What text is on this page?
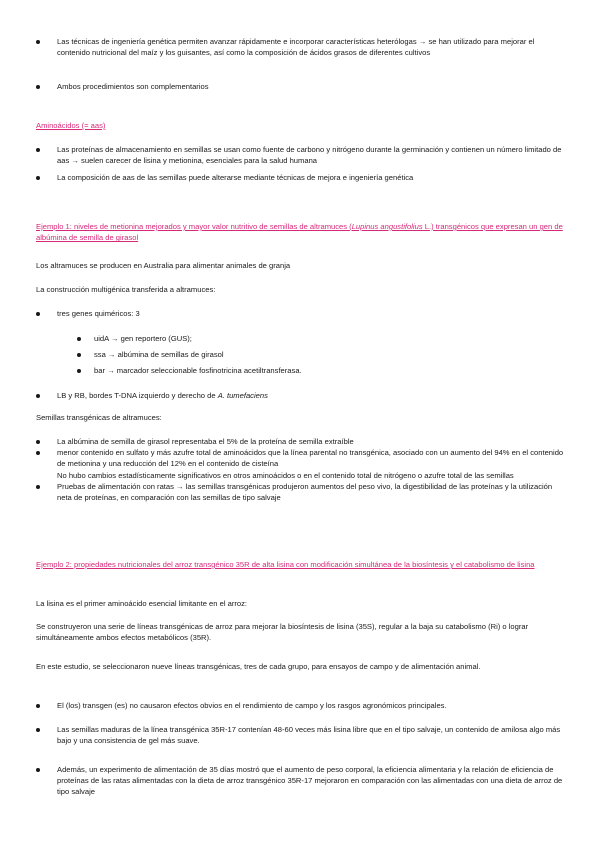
Las técnicas de ingeniería genética permiten avanzar rápidamente e incorporar características heterólogas → se han utilizado para mejorar el contenido nutricional del maíz y los guisantes, así como la composición de ácidos grasos de diferentes cultivos
Ambos procedimientos son complementarios
Aminoácidos (= aas)
Las proteínas de almacenamiento en semillas se usan como fuente de carbono y nitrógeno durante la germinación y contienen un número limitado de aas → suelen carecer de lisina y metionina, esenciales para la salud humana
La composición de aas de las semillas puede alterarse mediante técnicas de mejora e ingeniería genética
Ejemplo 1: niveles de metionina mejorados y mayor valor nutritivo de semillas de altramuces (Lupinus angustifolius L.) transgénicos que expresan un gen de albúmina de semilla de girasol
Los altramuces se producen en Australia para alimentar animales de granja
La construcción multigénica transferida a altramuces:
tres genes quiméricos: 3
uidA → gen reportero (GUS);
ssa → albúmina de semillas de girasol
bar → marcador seleccionable fosfinotricina acetiltransferasa.
LB y RB, bordes T-DNA izquierdo y derecho de A. tumefaciens
Semillas transgénicas de altramuces:
La albúmina de semilla de girasol representaba el 5% de la proteína de semilla extraíble
menor contenido en sulfato y más azufre total de aminoácidos que la línea parental no transgénica, asociado con un aumento del 94% en el contenido de metionina y una reducción del 12% en el contenido de cisteína
No hubo cambios estadísticamente significativos en otros aminoácidos o en el contenido total de nitrógeno o azufre total de las semillas
Pruebas de alimentación con ratas → las semillas transgénicas produjeron aumentos del peso vivo, la digestibilidad de las proteínas y la utilización neta de proteínas, en comparación con las semillas de tipo salvaje
Ejemplo 2: propiedades nutricionales del arroz transgénico 35R de alta lisina con modificación simultánea de la biosíntesis y el catabolismo de lisina
La lisina es el primer aminoácido esencial limitante en el arroz:
Se construyeron una serie de líneas transgénicas de arroz para mejorar la biosíntesis de lisina (35S), regular a la baja su catabolismo (Ri) o lograr simultáneamente ambos efectos metabólicos (35R).
En este estudio, se seleccionaron nueve líneas transgénicas, tres de cada grupo, para ensayos de campo y de alimentación animal.
El (los) transgen (es) no causaron efectos obvios en el rendimiento de campo y los rasgos agronómicos principales.
Las semillas maduras de la línea transgénica 35R-17 contenían 48-60 veces más lisina libre que en el tipo salvaje, un contenido de amilosa algo más bajo y una consistencia de gel más suave.
Además, un experimento de alimentación de 35 días mostró que el aumento de peso corporal, la eficiencia alimentaria y la relación de eficiencia de proteínas de las ratas alimentadas con la dieta de arroz transgénico 35R-17 mejoraron en comparación con las alimentadas con una dieta de arroz de tipo salvaje
